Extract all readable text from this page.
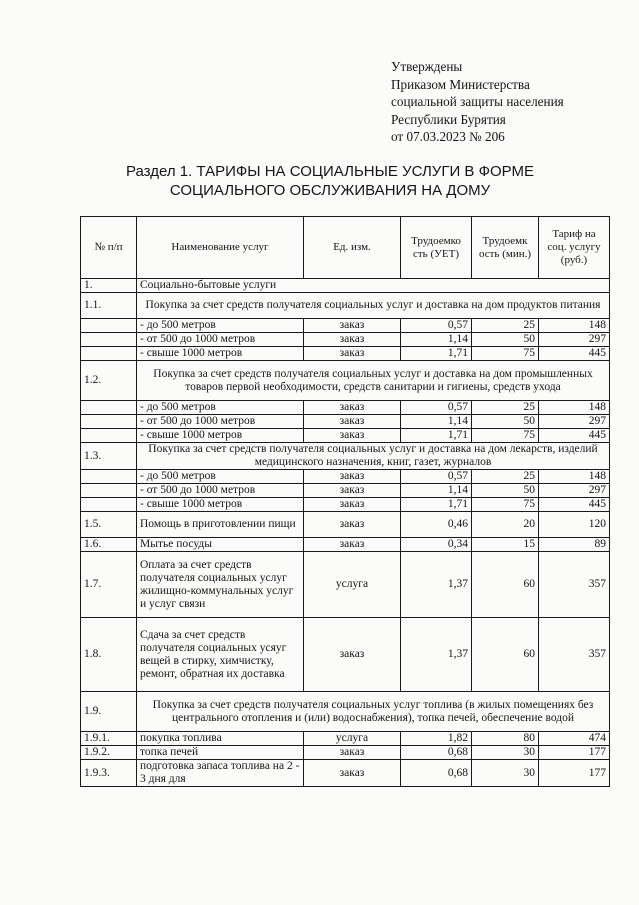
Утверждены
Приказом Министерства
социальной защиты населения
Республики Бурятия
от 07.03.2023 № 206
Раздел 1. ТАРИФЫ НА СОЦИАЛЬНЫЕ УСЛУГИ В ФОРМЕ
СОЦИАЛЬНОГО ОБСЛУЖИВАНИЯ НА ДОМУ
№ п/п	Наименование услуг	Ед. изм.	Трудоемко сть (УЕТ)	Трудоемк ость (мин.)	Тариф на соц. услугу (руб.)
1.	Социально-бытовые услуги				
1.1.	Покупка за счет средств получателя социальных услуг и доставка на дом продуктов питания				
	- до 500 метров	заказ	0,57	25	148
	- от 500 до 1000 метров	заказ	1,14	50	297
	- свыше 1000 метров	заказ	1,71	75	445
1.2.	Покупка за счет средств получателя социальных услуг и доставка на дом промышленных товаров первой необходимости, средств санитарии и гигиены, средств ухода				
	- до 500 метров	заказ	0,57	25	148
	- от 500 до 1000 метров	заказ	1,14	50	297
	- свыше 1000 метров	заказ	1,71	75	445
1.3.	Покупка за счет средств получателя социальных услуг и доставка на дом лекарств, изделий медицинского назначения, книг, газет, журналов				
	- до 500 метров	заказ	0,57	25	148
	- от 500 до 1000 метров	заказ	1,14	50	297
	- свыше 1000 метров	заказ	1,71	75	445
1.5.	Помощь в приготовлении пищи	заказ	0,46	20	120
1.6.	Мытье посуды	заказ	0,34	15	89
1.7.	Оплата за счет средств получателя социальных услуг жилищно-коммунальных услуг и услуг связи	услуга	1,37	60	357
1.8.	Сдача за счет средств получателя социальных усяуг вещей в стирку, химчистку, ремонт, обратная их доставка	заказ	1,37	60	357
1.9.	Покупка за счет средств получателя социальных услуг топлива (в жилых помещениях без центрального отопления и (или) водоснабжения), топка печей, обеспечение водой				
1.9.1.	покупка топлива	услуга	1,82	80	474
1.9.2.	топка печей	заказ	0,68	30	177
1.9.3.	подготовка запаса топлива на 2 - 3 дня для	заказ	0,68	30	177
